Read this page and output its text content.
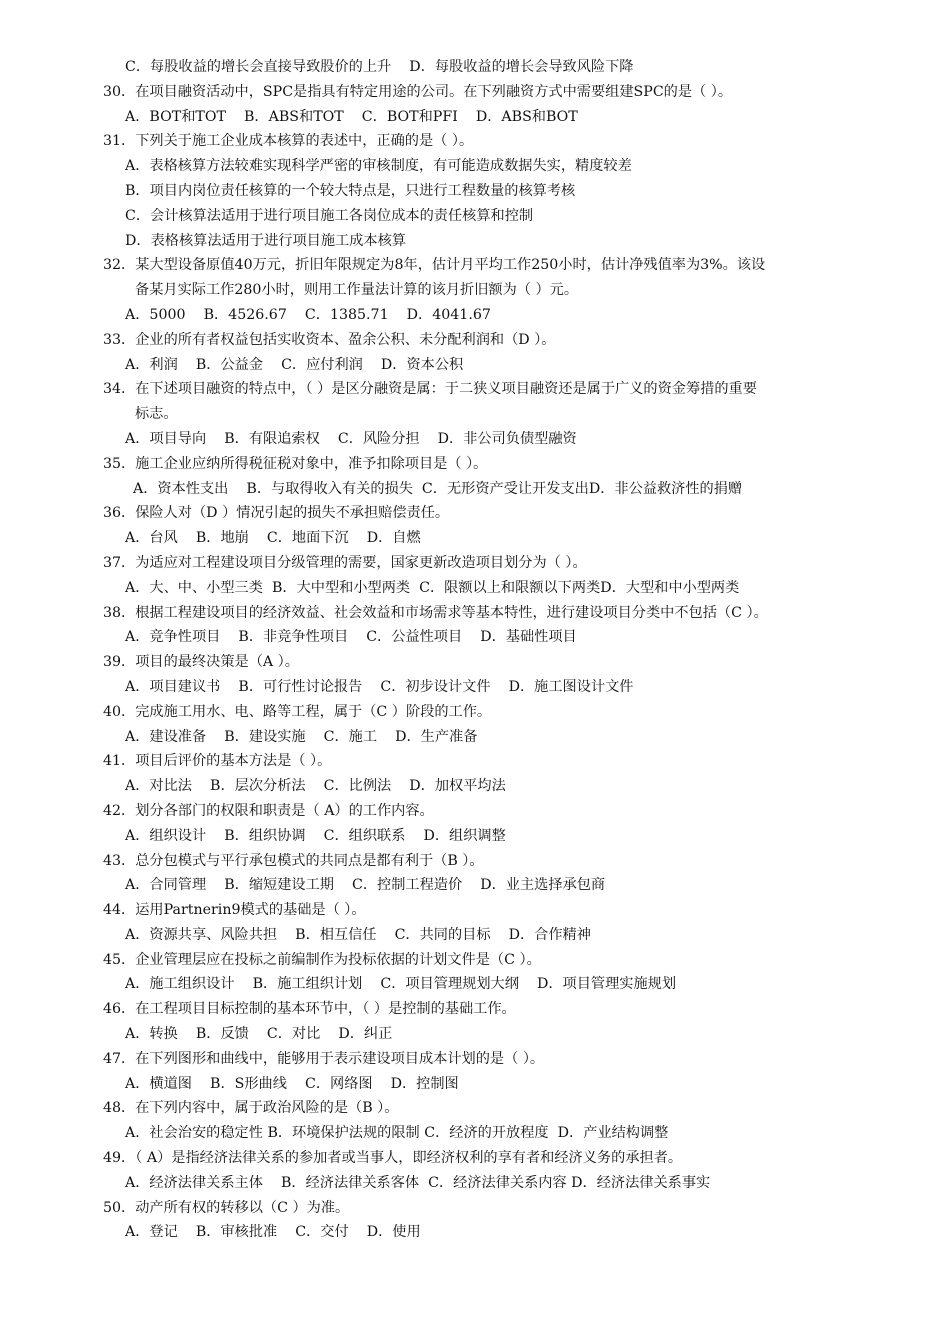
C．每股收益的增长会直接导致股价的上升    D．每股收益的增长会导致风险下降
30．在项目融资活动中，SPC是指具有特定用途的公司。在下列融资方式中需要组建SPC的是（ ）。
A．BOT和TOT    B．ABS和TOT    C．BOT和PFI    D．ABS和BOT
31．下列关于施工企业成本核算的表述中，正确的是（ ）。
A．表格核算方法较难实现科学严密的审核制度，有可能造成数据失实，精度较差
B．项目内岗位责任核算的一个较大特点是，只进行工程数量的核算考核
C．会计核算法适用于进行项目施工各岗位成本的责任核算和控制
D．表格核算法适用于进行项目施工成本核算
32．某大型设备原值40万元，折旧年限规定为8年，估计月平均工作250小时，估计净残值率为3%。该设
备某月实际工作280小时，则用工作量法计算的该月折旧额为（ ）元。
A．5000    B．4526.67    C．1385.71    D．4041.67
33．企业的所有者权益包括实收资本、盈余公积、未分配利润和（D ）。
A．利润    B．公益金    C．应付利润    D．资本公积
34．在下述项目融资的特点中，（ ）是区分融资是属：于二狭义项目融资还是属于广义的资金筹措的重要
标志。
A．项目导向    B．有限追索权    C．风险分担    D．非公司负债型融资
35．施工企业应纳所得税征税对象中，准予扣除项目是（ ）。
A．资本性支出    B．与取得收入有关的损失  C．无形资产受让开发支出D．非公益救济性的捐赠
36．保险人对（D ）情况引起的损失不承担赔偿责任。
A．台风    B．地崩    C．地面下沉    D．自燃
37．为适应对工程建设项目分级管理的需要，国家更新改造项目划分为（ ）。
A．大、中、小型三类  B．大中型和小型两类  C．限额以上和限额以下两类D．大型和中小型两类
38．根据工程建设项目的经济效益、社会效益和市场需求等基本特性，进行建设项目分类中不包括（C ）。
A．竞争性项目    B．非竞争性项目    C．公益性项目    D．基础性项目
39．项目的最终决策是（A ）。
A．项目建议书    B．可行性讨论报告    C．初步设计文件    D．施工图设计文件
40．完成施工用水、电、路等工程，属于（C ）阶段的工作。
A．建设准备    B．建设实施    C．施工    D．生产准备
41．项目后评价的基本方法是（ ）。
A．对比法    B．层次分析法    C．比例法    D．加权平均法
42．划分各部门的权限和职责是（ A）的工作内容。
A．组织设计    B．组织协调    C．组织联系    D．组织调整
43．总分包模式与平行承包模式的共同点是都有利于（B ）。
A．合同管理    B．缩短建设工期    C．控制工程造价    D．业主选择承包商
44．运用Partnerin9模式的基础是（ ）。
A．资源共享、风险共担    B．相互信任    C．共同的目标    D．合作精神
45．企业管理层应在投标之前编制作为投标依据的计划文件是（C ）。
A．施工组织设计    B．施工组织计划    C．项目管理规划大纲    D．项目管理实施规划
46．在工程项目目标控制的基本环节中，（ ）是控制的基础工作。
A．转换    B．反馈    C．对比    D．纠正
47．在下列图形和曲线中，能够用于表示建设项目成本计划的是（ ）。
A．横道图    B．S形曲线    C．网络图    D．控制图
48．在下列内容中，属于政治风险的是（B ）。
A．社会治安的稳定性 B．环境保护法规的限制 C．经济的开放程度  D．产业结构调整
49．（ A）是指经济法律关系的参加者或当事人，即经济权利的享有者和经济义务的承担者。
A．经济法律关系主体    B．经济法律关系客体  C．经济法律关系内容 D．经济法律关系事实
50．动产所有权的转移以（C ）为准。
A．登记    B．审核批准    C．交付    D．使用
